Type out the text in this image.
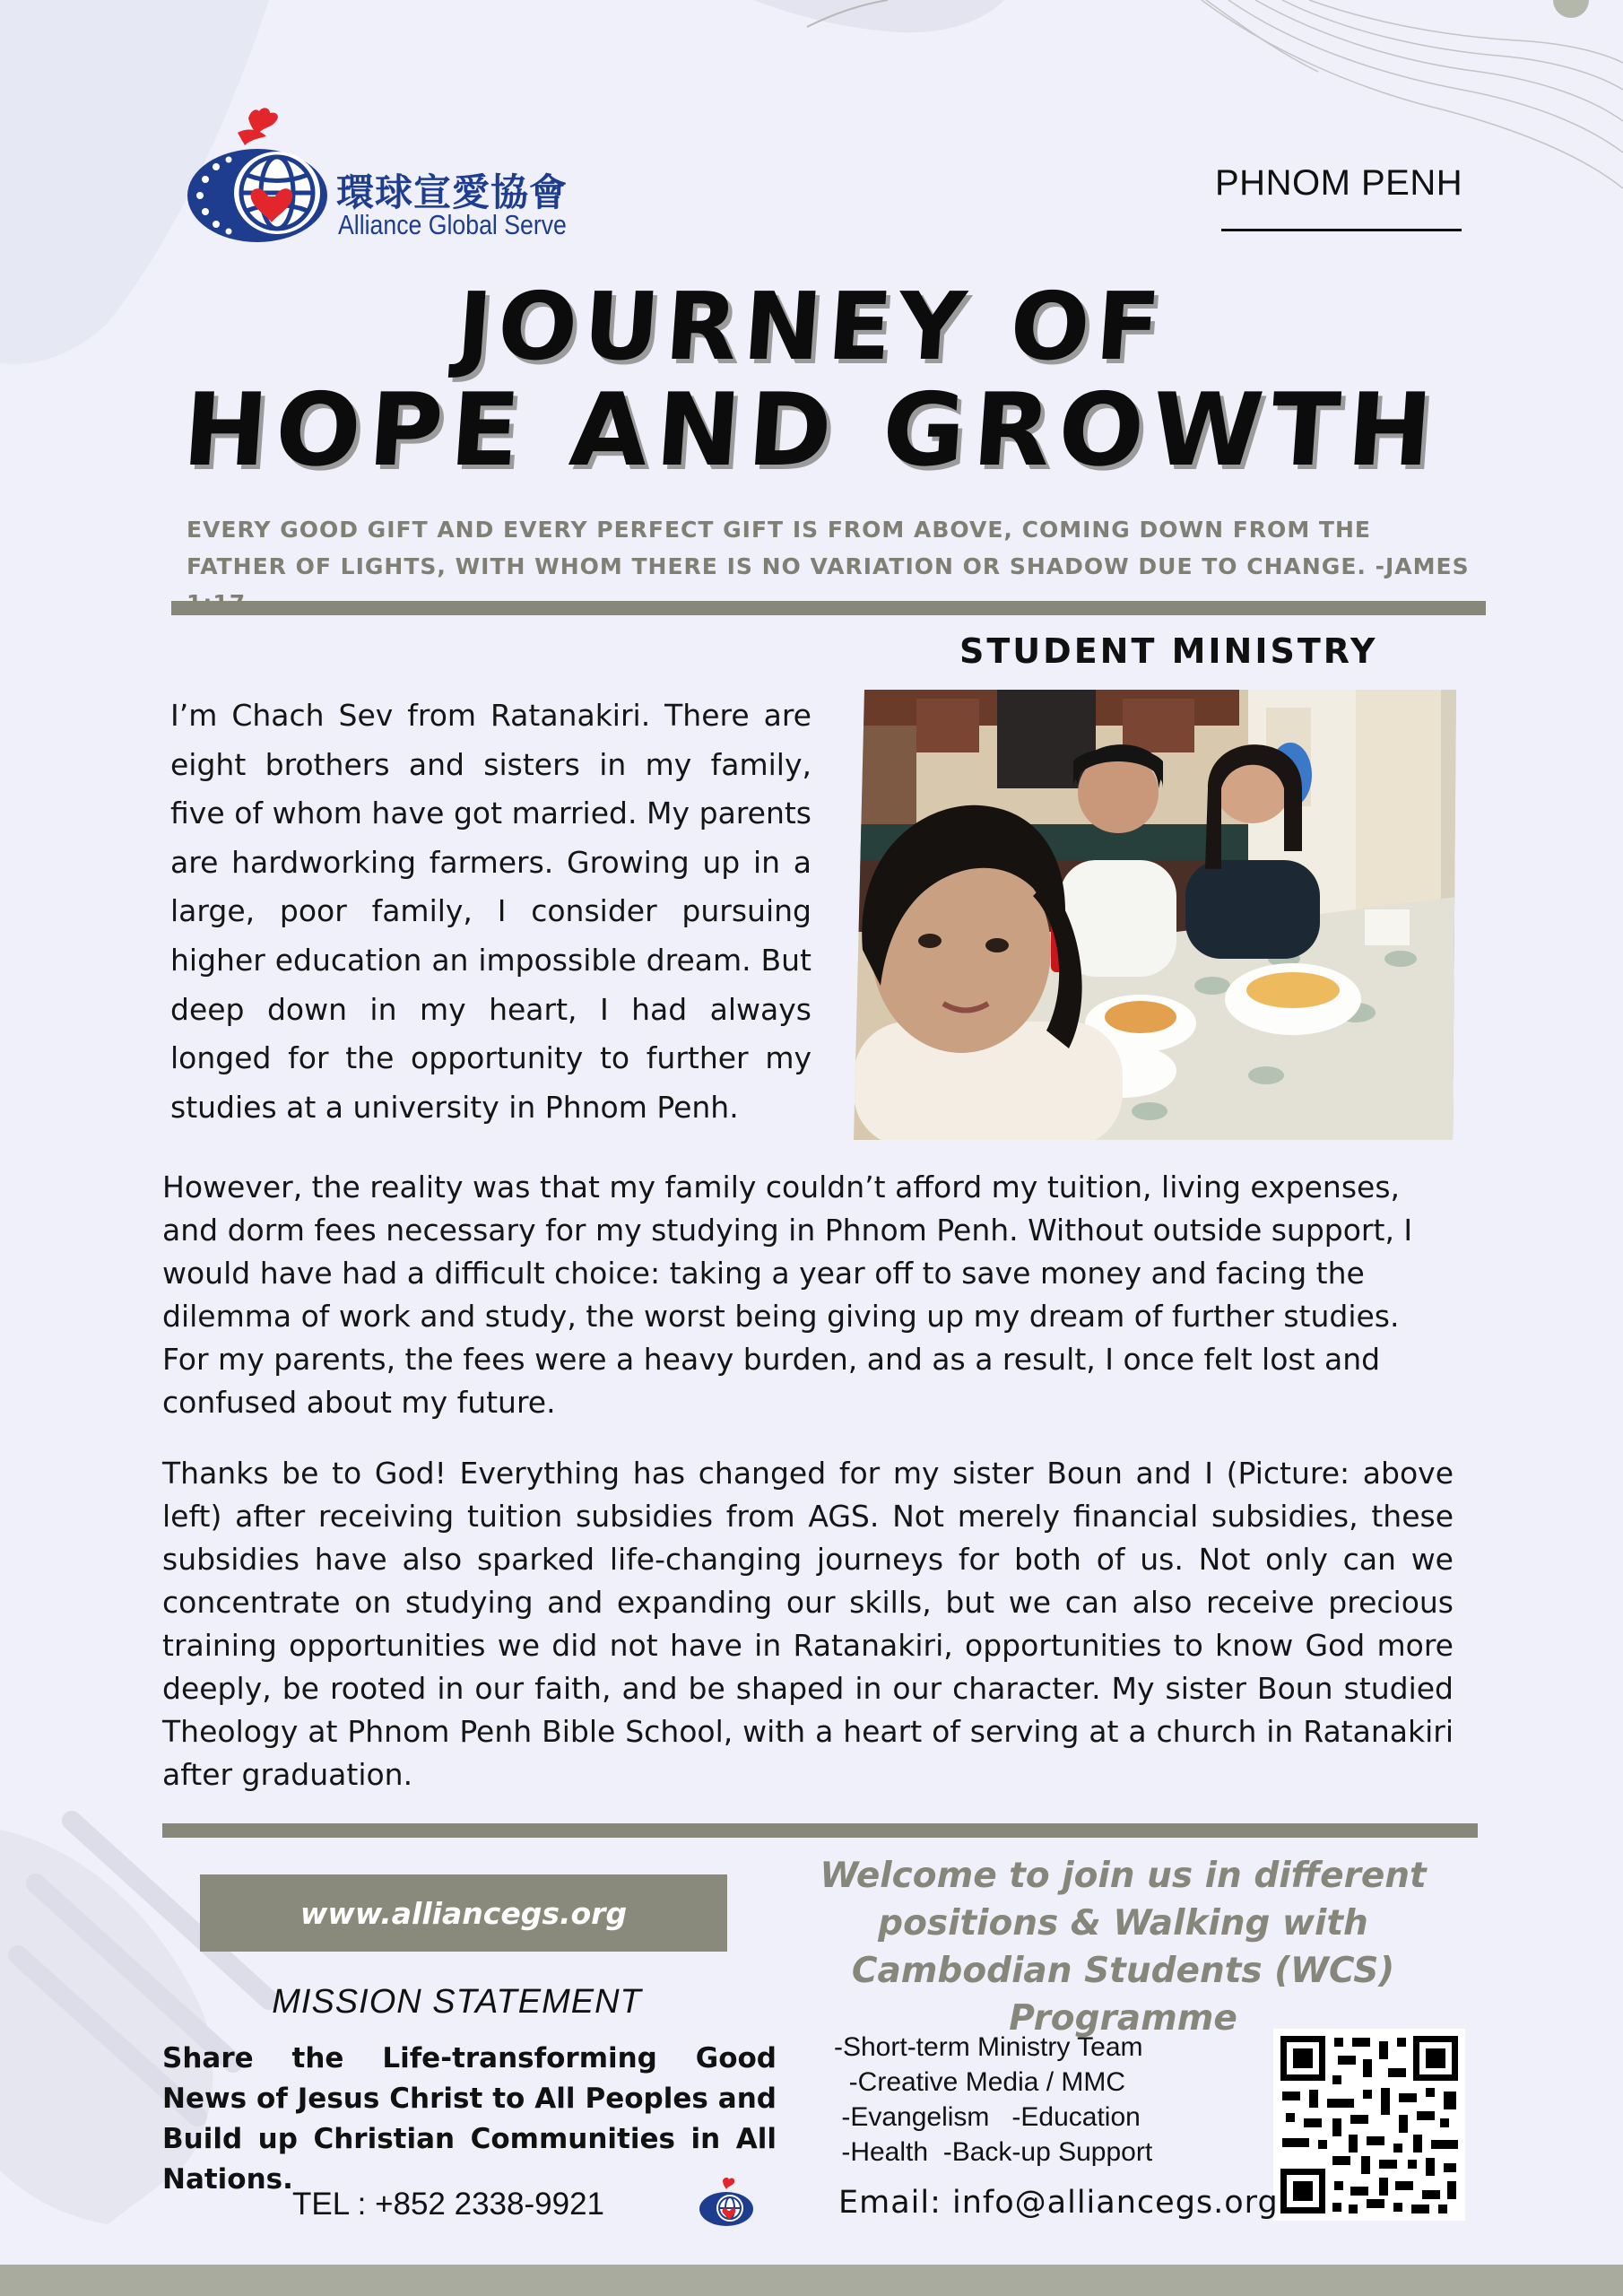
環球宣愛協會
Alliance Global Serve
PHNOM PENH
JOURNEY OF
HOPE AND GROWTH
EVERY GOOD GIFT AND EVERY PERFECT GIFT IS FROM ABOVE, COMING DOWN FROM THE FATHER OF LIGHTS, WITH WHOM THERE IS NO VARIATION OR SHADOW DUE TO CHANGE. -JAMES
STUDENT MINISTRY
I’m Chach Sev from Ratanakiri. There are eight brothers and sisters in my family, five of whom have got married. My parents are hardworking farmers. Growing up in a large, poor family, I consider pursuing higher education an impossible dream. But deep down in my heart, I had always longed for the opportunity to further my studies at a university in Phnom Penh.
However, the reality was that my family couldn’t afford my tuition, living expenses, and dorm fees necessary for my studying in Phnom Penh. Without outside support, I would have had a difficult choice: taking a year off to save money and facing the dilemma of work and study, the worst being giving up my dream of further studies. For my parents, the fees were a heavy burden, and as a result, I once felt lost and confused about my future.
Thanks be to God! Everything has changed for my sister Boun and I (Picture: above left) after receiving tuition subsidies from AGS. Not merely financial subsidies, these subsidies have also sparked life-changing journeys for both of us. Not only can we concentrate on studying and expanding our skills, but we can also receive precious training opportunities we did not have in Ratanakiri, opportunities to know God more deeply, be rooted in our faith, and be shaped in our character. My sister Boun studied Theology at Phnom Penh Bible School, with a heart of serving at a church in Ratanakiri after graduation.
www.alliancegs.org
MISSION STATEMENT
Share the Life-transforming Good News of Jesus Christ to All Peoples and Build up Christian Communities in All Nations.
TEL : +852 2338-9921
Welcome to join us in different positions & Walking with Cambodian Students (WCS) Programme
-Short-term Ministry Team
-Creative Media / MMC
-Evangelism   -Education
-Health  -Back-up Support
Email: info@alliancegs.org
